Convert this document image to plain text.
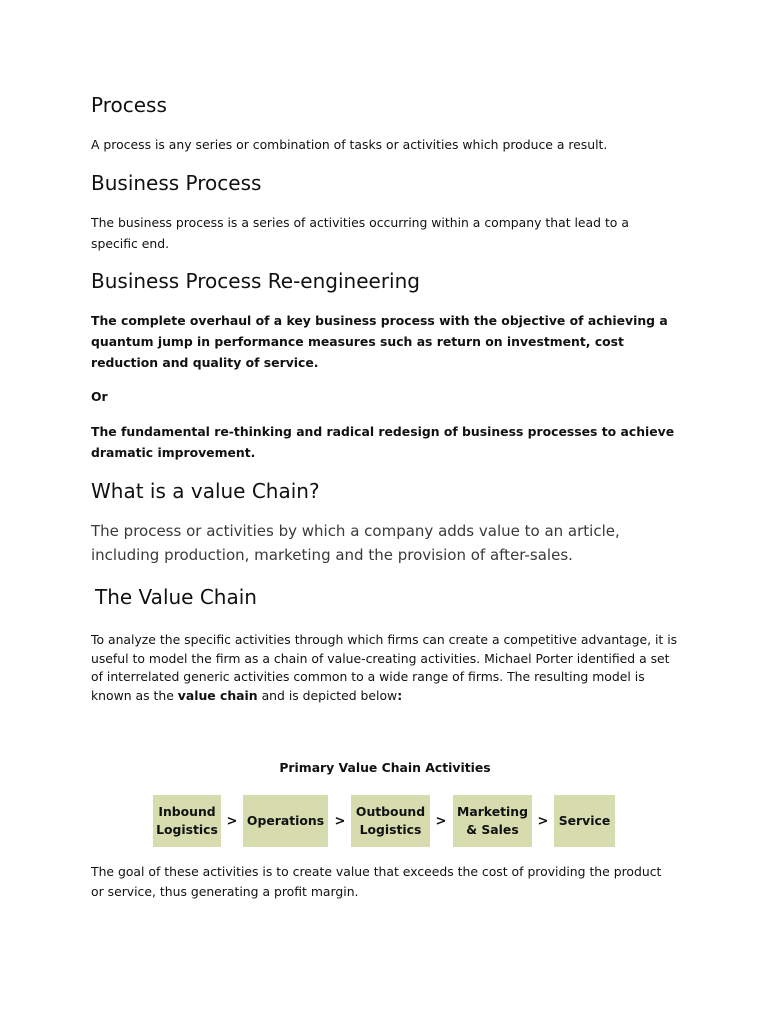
Process
A process is any series or combination of tasks or activities which produce a result.
Business Process
The business process is a series of activities occurring within a company that lead to a specific end.
Business Process Re-engineering
The complete overhaul of a key business process with the objective of achieving a quantum jump in performance measures such as return on investment, cost reduction and quality of service.
Or
The fundamental re-thinking and radical redesign of business processes to achieve dramatic improvement.
What is a value Chain?
The process or activities by which a company adds value to an article, including production, marketing and the provision of after-sales.
The Value Chain
To analyze the specific activities through which firms can create a competitive advantage, it is useful to model the firm as a chain of value-creating activities. Michael Porter identified a set of interrelated generic activities common to a wide range of firms. The resulting model is known as the value chain and is depicted below:
The goal of these activities is to create value that exceeds the cost of providing the product or service, thus generating a profit margin.
Primary Value Chain Activities
Inbound
Logistics
> Operations >
Outbound
Logistics
>
Marketing
& Sales
> Service
